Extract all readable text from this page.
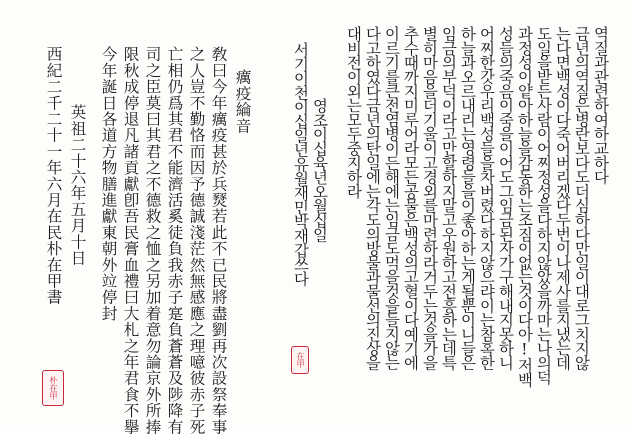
역질과관련하여하교하다
금년의역질은병란보다도더심하다만일이대로그치지않
는다면백성이다죽어버리겠다두번이나제사를지냈는데
도일을받든사람이어찌정성을다하지않았을까마는나의덕
과정성이얕아하늘을감동하는조짐이없는것이다아!저백
성들의죽음이죽을이어도그임금된자가구해내지못하니
어찌한갓우리백성들을차버렸다하지않으랴이는참혹한
하늘과오르내리는영령들을이좋아하는게될뿐이니들은
임금의부덕이라고만할하지말고우원하고전흥하는데특
별히마음을더기울이고경외를마련하라거두는것을가을
추수때까지미루어라모든공물은백성의고혈이다예기에
이르기를큰전염병이든해에는임금도먹을것을들지않는
다고하였다금년의탄일에는각도의방물과물선의진상을
대비전이외는모두중지하라
영조이십육년오월십일
서기이천이십일년유월재민박재갑쓰다
在甲
癘疫綸音
敎曰今年癘疫甚於兵燹若此不已民將盡劉再次設祭奉事
之人豈不勤恪而因予德誠淺茫然無感應之理噫彼赤子死
亡相仍爲其君不能濟活奚徒負我赤子寔負蒼蒼及陟降有
司之臣莫曰其君之不德救之恤之另加着意勿論京外所捧
限秋成停退凡諸貢獻卽吾民膏血禮曰大札之年君食不擧
今年誕日各道方物膳進獻東朝外竝停封
英祖二十六年五月十日
西紀二千二十一年六月在民朴在甲書
朴在甲
